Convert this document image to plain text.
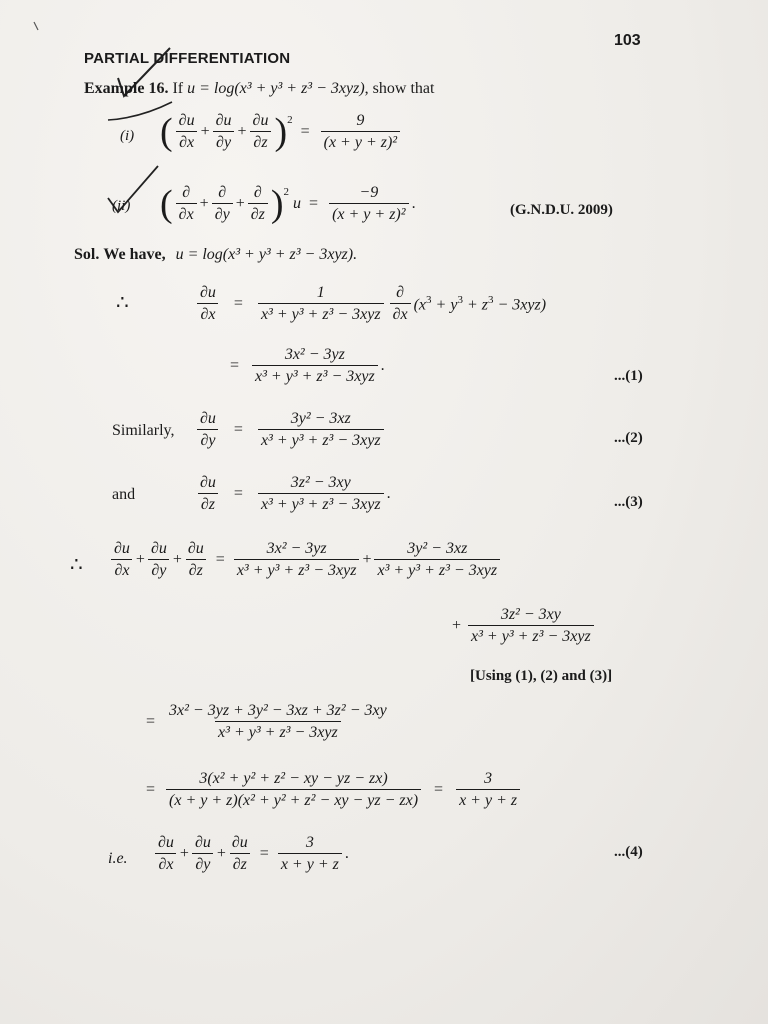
PARTIAL DIFFERENTIATION
103
Example 16. If u = log(x³ + y³ + z³ − 3xyz), show that
(i) ( $\frac{\partial u}{\partial x} + \frac{\partial u}{\partial y} + \frac{\partial u}{\partial z} )^2$
= $\frac{9}{\text{(x + y + z)²}}$
(ii) ( $\frac{\partial}{\partial x} + \frac{\partial}{\partial y} + \frac{\partial}{\partial z} )^2$
$u = \frac{-9}{\text{(x + y + z)²}}$ .	(G.N.D.U. 2009)
Sol. We have, u = log(x³ + y³ + z³ − 3xyz).
∴	$\frac{\partial u}{\partial x} = \frac{1}{\text{x³ + y³ + z³ − 3xyz}} \frac{\partial}{\partial x} (x^3 + y^3 + z^3 - 3xyz)$
= $\frac{\text{3x² − 3yz}}{\text{x³ + y³ + z³ − 3xyz}}$ .
...(1)
Similarly, $\frac{\partial u}{\partial y} = \frac{\text{3y² − 3xz}}{\text{x³ + y³ + z³ − 3xyz}}$	...(2)
and	$\frac{\partial u}{\partial z} = \frac{\text{3z² − 3xy}}{\text{x³ + y³ + z³ − 3xyz}}$ .	...(3)
∴ $\frac{\partial u}{\partial x} + \frac{\partial u}{\partial y} + \frac{\partial u}{\partial z} = \frac{\text{3x² − 3yz}}{\text{x³ + y³ + z³ − 3xyz}} + \frac{\text{3y² − 3xz}}{\text{x³ + y³ + z³ − 3xyz}}$
+ $\frac{\text{3z² − 3xy}}{\text{x³ + y³ + z³ − 3xyz}}$
[Using (1), (2) and (3)]
= $\frac{\text{3x² − 3yz + 3y² − 3xz + 3z² − 3xy}}{\text{x³ + y³ + z³ − 3xyz}}$
= $\frac{\text{3(x² + y² + z² − xy − yz − zx)}}{\text{(x + y + z)(x² + y² + z² − xy − yz − zx)}} = \frac{3}{x + y + z}$
i.e. $\frac{\partial u}{\partial x} + \frac{\partial u}{\partial y} + \frac{\partial u}{\partial z} = \frac{3}{x + y + z}$ .	...(4)
